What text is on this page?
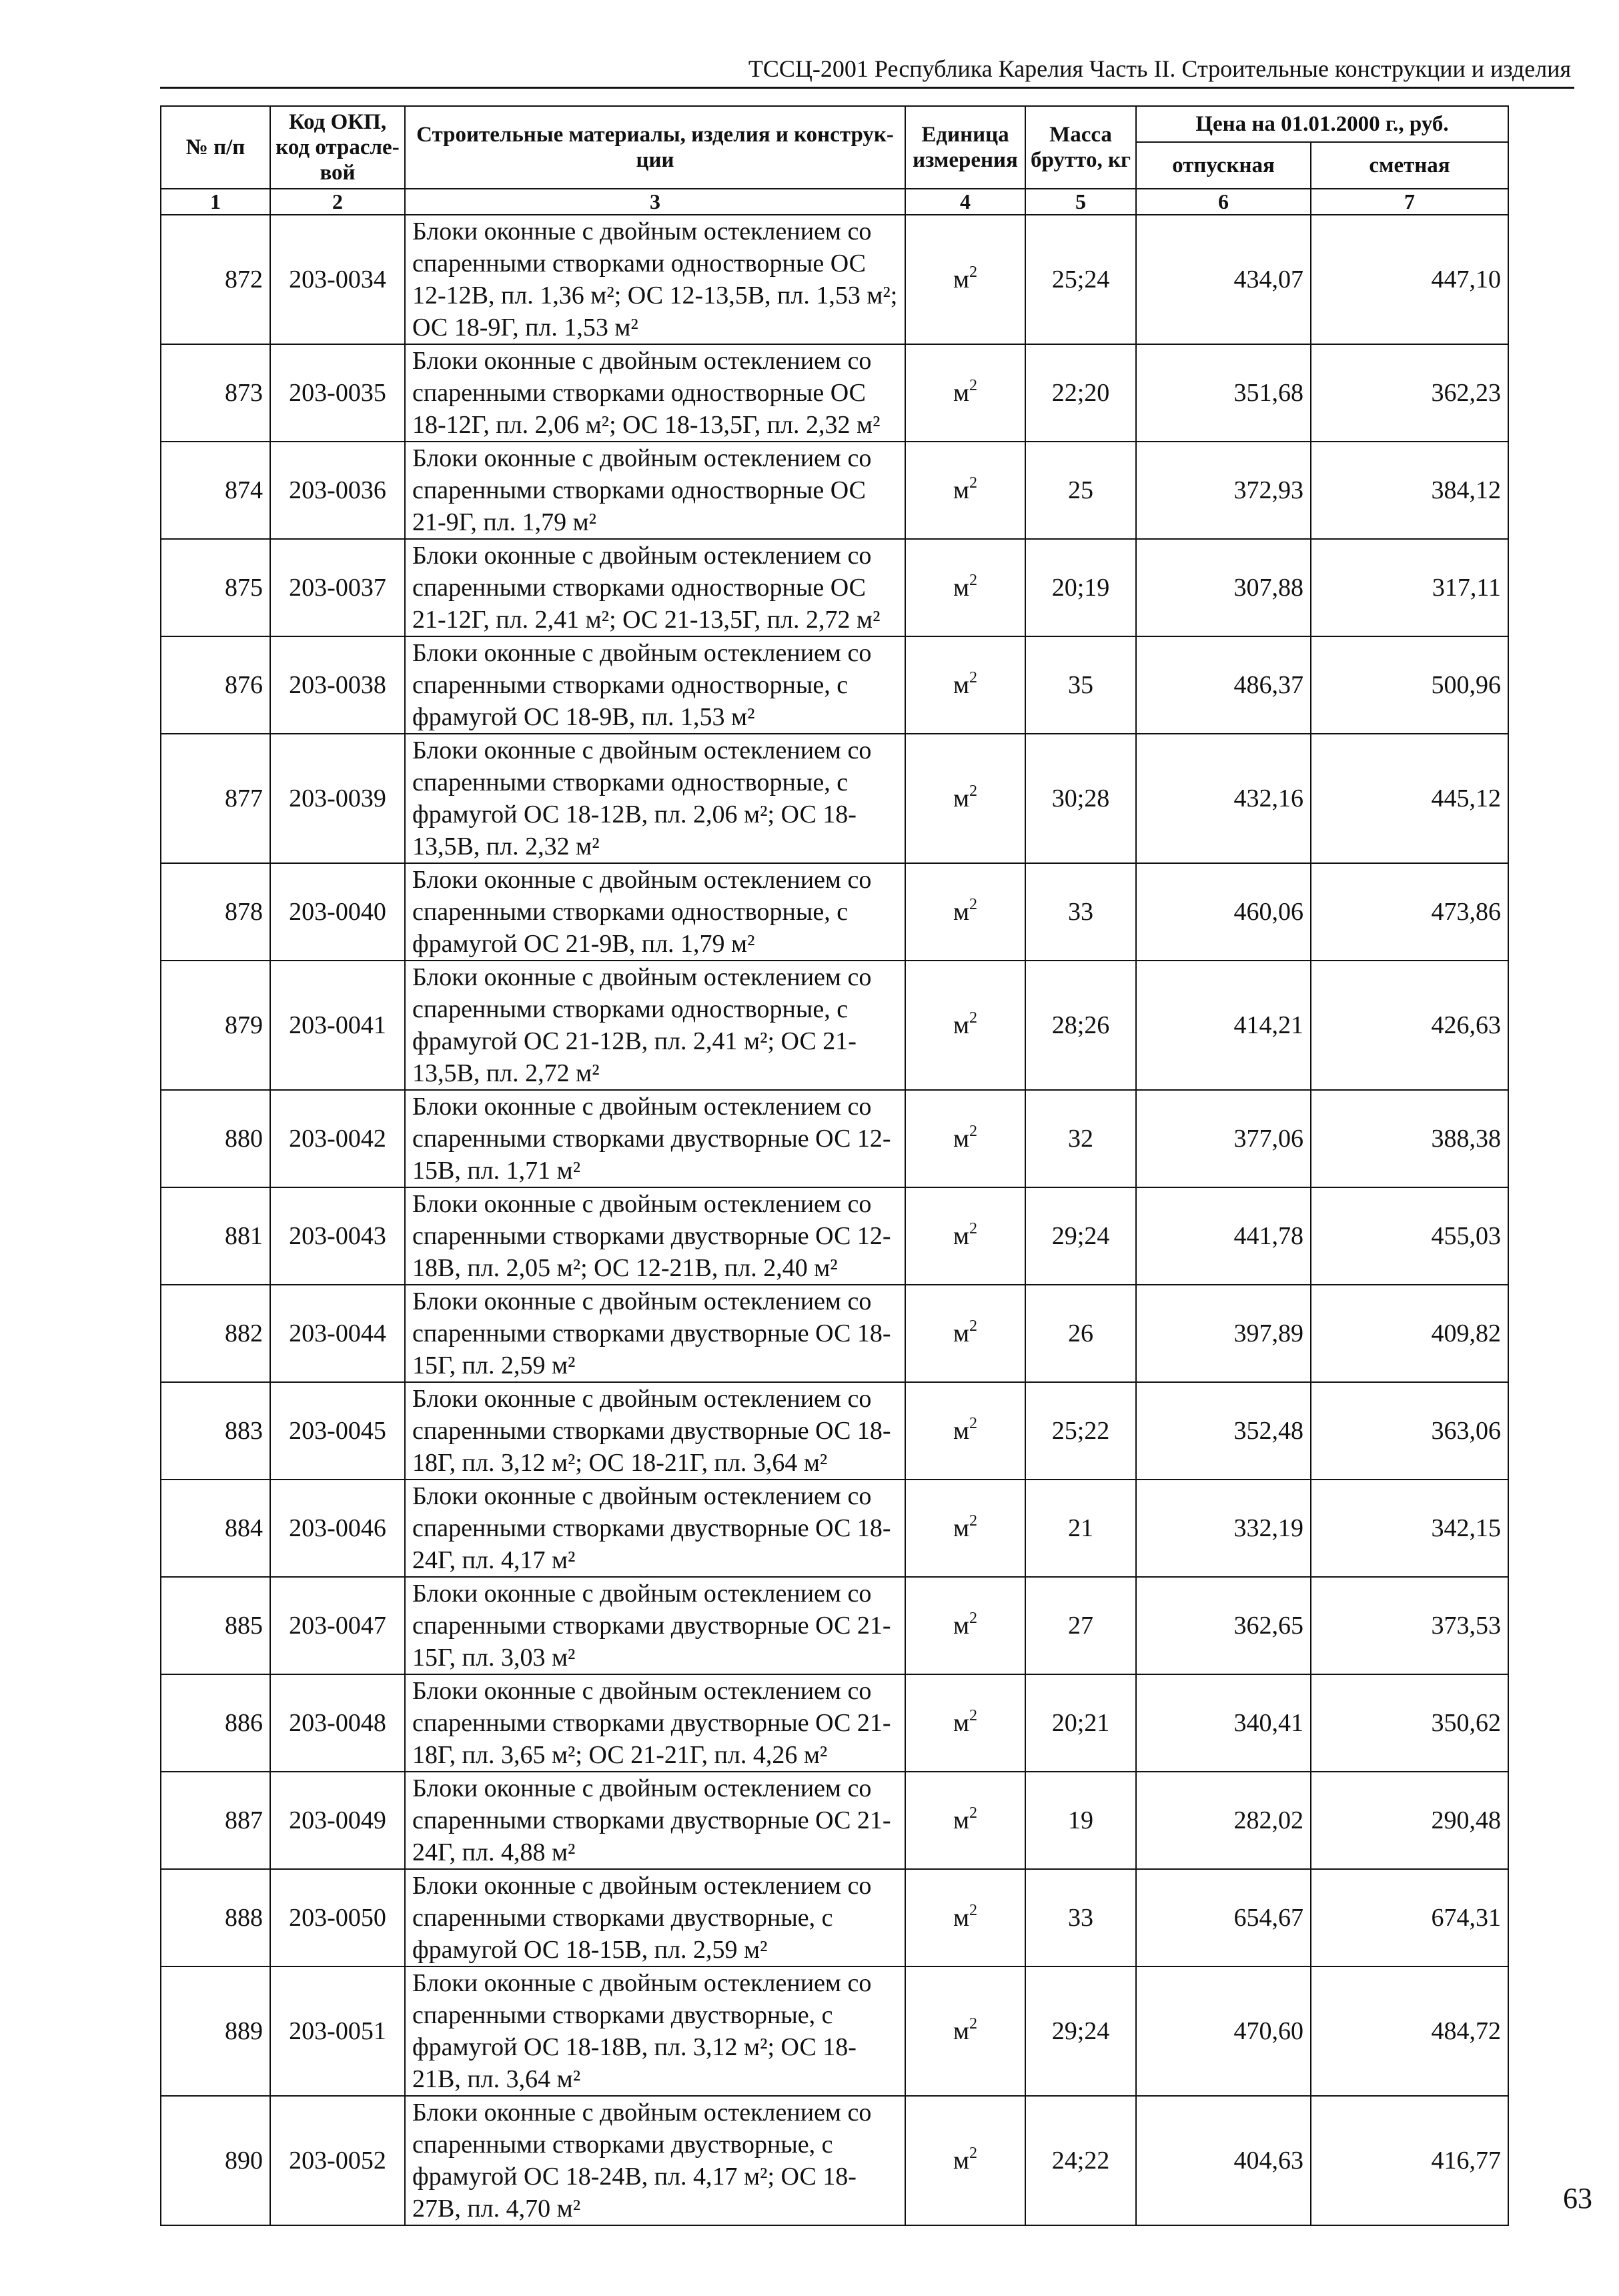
ТССЦ-2001 Республика Карелия Часть II. Строительные конструкции и изделия
№ п/п	Код ОКП, код отрасле-вой	Строительные материалы, изделия и конструк-ции	Единица измерения	Масса брутто, кг	Цена на 01.01.2000 г., руб.	
					отпускная	сметная
1	2	3	4	5	6	7
872	203-0034	Блоки оконные с двойным остеклением со спаренными створками одностворные ОС 12-12В, пл. 1,36 м²; ОС 12-13,5В, пл. 1,53 м²; ОС 18-9Г, пл. 1,53 м²	$м^2$	25;24	434,07	447,10
873	203-0035	Блоки оконные с двойным остеклением со спаренными створками одностворные ОС 18-12Г, пл. 2,06 м²; ОС 18-13,5Г, пл. 2,32 м²	$м^2$	22;20	351,68	362,23
874	203-0036	Блоки оконные с двойным остеклением со спаренными створками одностворные ОС 21-9Г, пл. 1,79 м²	$м^2$	25	372,93	384,12
875	203-0037	Блоки оконные с двойным остеклением со спаренными створками одностворные ОС 21-12Г, пл. 2,41 м²; ОС 21-13,5Г, пл. 2,72 м²	$м^2$	20;19	307,88	317,11
876	203-0038	Блоки оконные с двойным остеклением со спаренными створками одностворные, с фрамугой ОС 18-9В, пл. 1,53 м²	$м^2$	35	486,37	500,96
877	203-0039	Блоки оконные с двойным остеклением со спаренными створками одностворные, с фрамугой ОС 18-12В, пл. 2,06 м²; ОС 18-13,5В, пл. 2,32 м²	$м^2$	30;28	432,16	445,12
878	203-0040	Блоки оконные с двойным остеклением со спаренными створками одностворные, с фрамугой ОС 21-9В, пл. 1,79 м²	$м^2$	33	460,06	473,86
879	203-0041	Блоки оконные с двойным остеклением со спаренными створками одностворные, с фрамугой ОС 21-12В, пл. 2,41 м²; ОС 21-13,5В, пл. 2,72 м²	$м^2$	28;26	414,21	426,63
880	203-0042	Блоки оконные с двойным остеклением со спаренными створками двустворные ОС 12-15В, пл. 1,71 м²	$м^2$	32	377,06	388,38
881	203-0043	Блоки оконные с двойным остеклением со спаренными створками двустворные ОС 12-18В, пл. 2,05 м²; ОС 12-21В, пл. 2,40 м²	$м^2$	29;24	441,78	455,03
882	203-0044	Блоки оконные с двойным остеклением со спаренными створками двустворные ОС 18-15Г, пл. 2,59 м²	$м^2$	26	397,89	409,82
883	203-0045	Блоки оконные с двойным остеклением со спаренными створками двустворные ОС 18-18Г, пл. 3,12 м²; ОС 18-21Г, пл. 3,64 м²	$м^2$	25;22	352,48	363,06
884	203-0046	Блоки оконные с двойным остеклением со спаренными створками двустворные ОС 18-24Г, пл. 4,17 м²	$м^2$	21	332,19	342,15
885	203-0047	Блоки оконные с двойным остеклением со спаренными створками двустворные ОС 21-15Г, пл. 3,03 м²	$м^2$	27	362,65	373,53
886	203-0048	Блоки оконные с двойным остеклением со спаренными створками двустворные ОС 21-18Г, пл. 3,65 м²; ОС 21-21Г, пл. 4,26 м²	$м^2$	20;21	340,41	350,62
887	203-0049	Блоки оконные с двойным остеклением со спаренными створками двустворные ОС 21-24Г, пл. 4,88 м²	$м^2$	19	282,02	290,48
888	203-0050	Блоки оконные с двойным остеклением со спаренными створками двустворные, с фрамугой ОС 18-15В, пл. 2,59 м²	$м^2$	33	654,67	674,31
889	203-0051	Блоки оконные с двойным остеклением со спаренными створками двустворные, с фрамугой ОС 18-18В, пл. 3,12 м²; ОС 18-21В, пл. 3,64 м²	$м^2$	29;24	470,60	484,72
890	203-0052	Блоки оконные с двойным остеклением со спаренными створками двустворные, с фрамугой ОС 18-24В, пл. 4,17 м²; ОС 18-27В, пл. 4,70 м²	$м^2$	24;22	404,63	416,77
63
